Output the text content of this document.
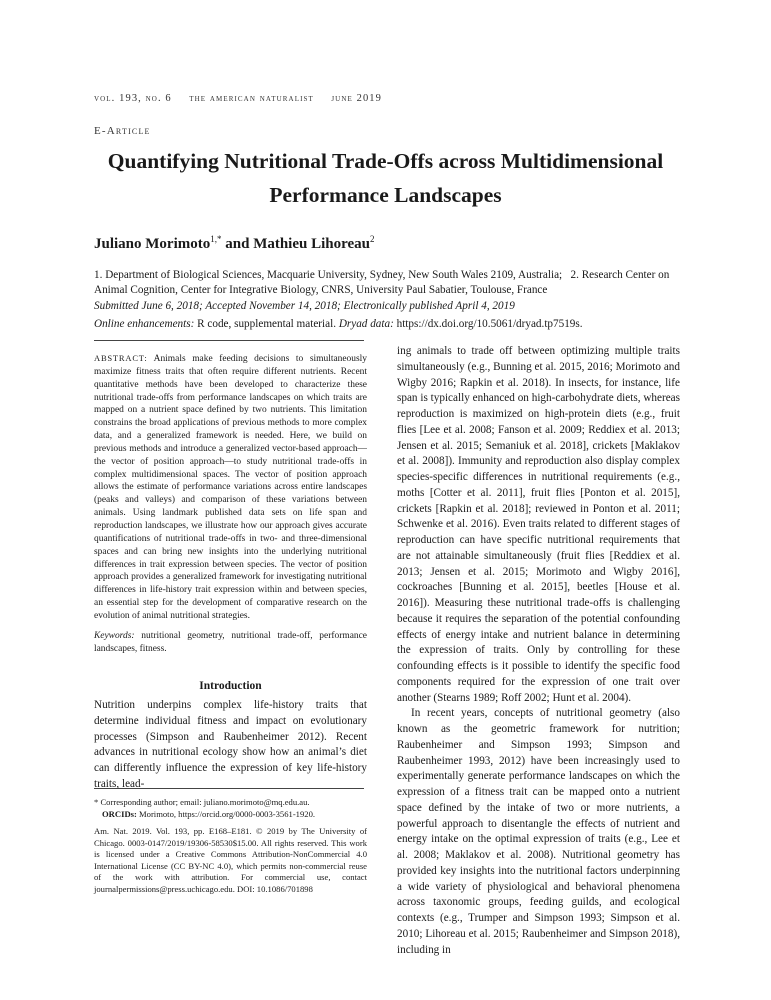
vol. 193, no. 6 the american naturalist june 2019
E-Article
Quantifying Nutritional Trade-Offs across Multidimensional Performance Landscapes
Juliano Morimoto$^{1,*}$ and Mathieu Lihoreau$^2$
1. Department of Biological Sciences, Macquarie University, Sydney, New South Wales 2109, Australia;   2. Research Center on Animal Cognition, Center for Integrative Biology, CNRS, University Paul Sabatier, Toulouse, France
Submitted June 6, 2018; Accepted November 14, 2018; Electronically published April 4, 2019
Online enhancements: R code, supplemental material. Dryad data: https://dx.doi.org/10.5061/dryad.tp7519s.
ABSTRACT: Animals make feeding decisions to simultaneously maximize fitness traits that often require different nutrients. Recent quantitative methods have been developed to characterize these nutritional trade-offs from performance landscapes on which traits are mapped on a nutrient space defined by two nutrients. This limitation constrains the broad applications of previous methods to more complex data, and a generalized framework is needed. Here, we build on previous methods and introduce a generalized vector-based approach—the vector of position approach—to study nutritional trade-offs in complex multidimensional spaces. The vector of position approach allows the estimate of performance variations across entire landscapes (peaks and valleys) and comparison of these variations between animals. Using landmark published data sets on life span and reproduction landscapes, we illustrate how our approach gives accurate quantifications of nutritional trade-offs in two- and three-dimensional spaces and can bring new insights into the underlying nutritional differences in trait expression between species. The vector of position approach provides a generalized framework for investigating nutritional differences in life-history trait expression within and between species, an essential step for the development of comparative research on the evolution of animal nutritional strategies.
Keywords: nutritional geometry, nutritional trade-off, performance landscapes, fitness.
Introduction
Nutrition underpins complex life-history traits that determine individual fitness and impact on evolutionary processes (Simpson and Raubenheimer 2012). Recent advances in nutritional ecology show how an animal’s diet can differently influence the expression of key life-history traits, lead-
* Corresponding author; email: juliano.morimoto@mq.edu.au.
ORCIDs: Morimoto, https://orcid.org/0000-0003-3561-1920.
Am. Nat. 2019. Vol. 193, pp. E168–E181. © 2019 by The University of Chicago. 0003-0147/2019/19306-58530$15.00. All rights reserved. This work is licensed under a Creative Commons Attribution-NonCommercial 4.0 International License (CC BY-NC 4.0), which permits non-commercial reuse of the work with attribution. For commercial use, contact journalpermissions@press.uchicago.edu. DOI: 10.1086/701898

ing animals to trade off between optimizing multiple traits simultaneously (e.g., Bunning et al. 2015, 2016; Morimoto and Wigby 2016; Rapkin et al. 2018). In insects, for instance, life span is typically enhanced on high-carbohydrate diets, whereas reproduction is maximized on high-protein diets (e.g., fruit flies [Lee et al. 2008; Fanson et al. 2009; Reddiex et al. 2013; Jensen et al. 2015; Semaniuk et al. 2018], crickets [Maklakov et al. 2008]). Immunity and reproduction also display complex species-specific differences in nutritional requirements (e.g., moths [Cotter et al. 2011], fruit flies [Ponton et al. 2015], crickets [Rapkin et al. 2018]; reviewed in Ponton et al. 2011; Schwenke et al. 2016). Even traits related to different stages of reproduction can have specific nutritional requirements that are not attainable simultaneously (fruit flies [Reddiex et al. 2013; Jensen et al. 2015; Morimoto and Wigby 2016], cockroaches [Bunning et al. 2015], beetles [House et al. 2016]). Measuring these nutritional trade-offs is challenging because it requires the separation of the potential confounding effects of energy intake and nutrient balance in determining the expression of traits. Only by controlling for these confounding effects is it possible to identify the specific food components required for the expression of one trait over another (Stearns 1989; Roff 2002; Hunt et al. 2004).

In recent years, concepts of nutritional geometry (also known as the geometric framework for nutrition; Raubenheimer and Simpson 1993; Simpson and Raubenheimer 1993, 2012) have been increasingly used to experimentally generate performance landscapes on which the expression of a fitness trait can be mapped onto a nutrient space defined by the intake of two or more nutrients, a powerful approach to disentangle the effects of nutrient and energy intake on the optimal expression of traits (e.g., Lee et al. 2008; Maklakov et al. 2008). Nutritional geometry has provided key insights into the nutritional factors underpinning a wide variety of physiological and behavioral phenomena across taxonomic groups, feeding guilds, and ecological contexts (e.g., Trumper and Simpson 1993; Simpson et al. 2010; Lihoreau et al. 2015; Raubenheimer and Simpson 2018), including in
